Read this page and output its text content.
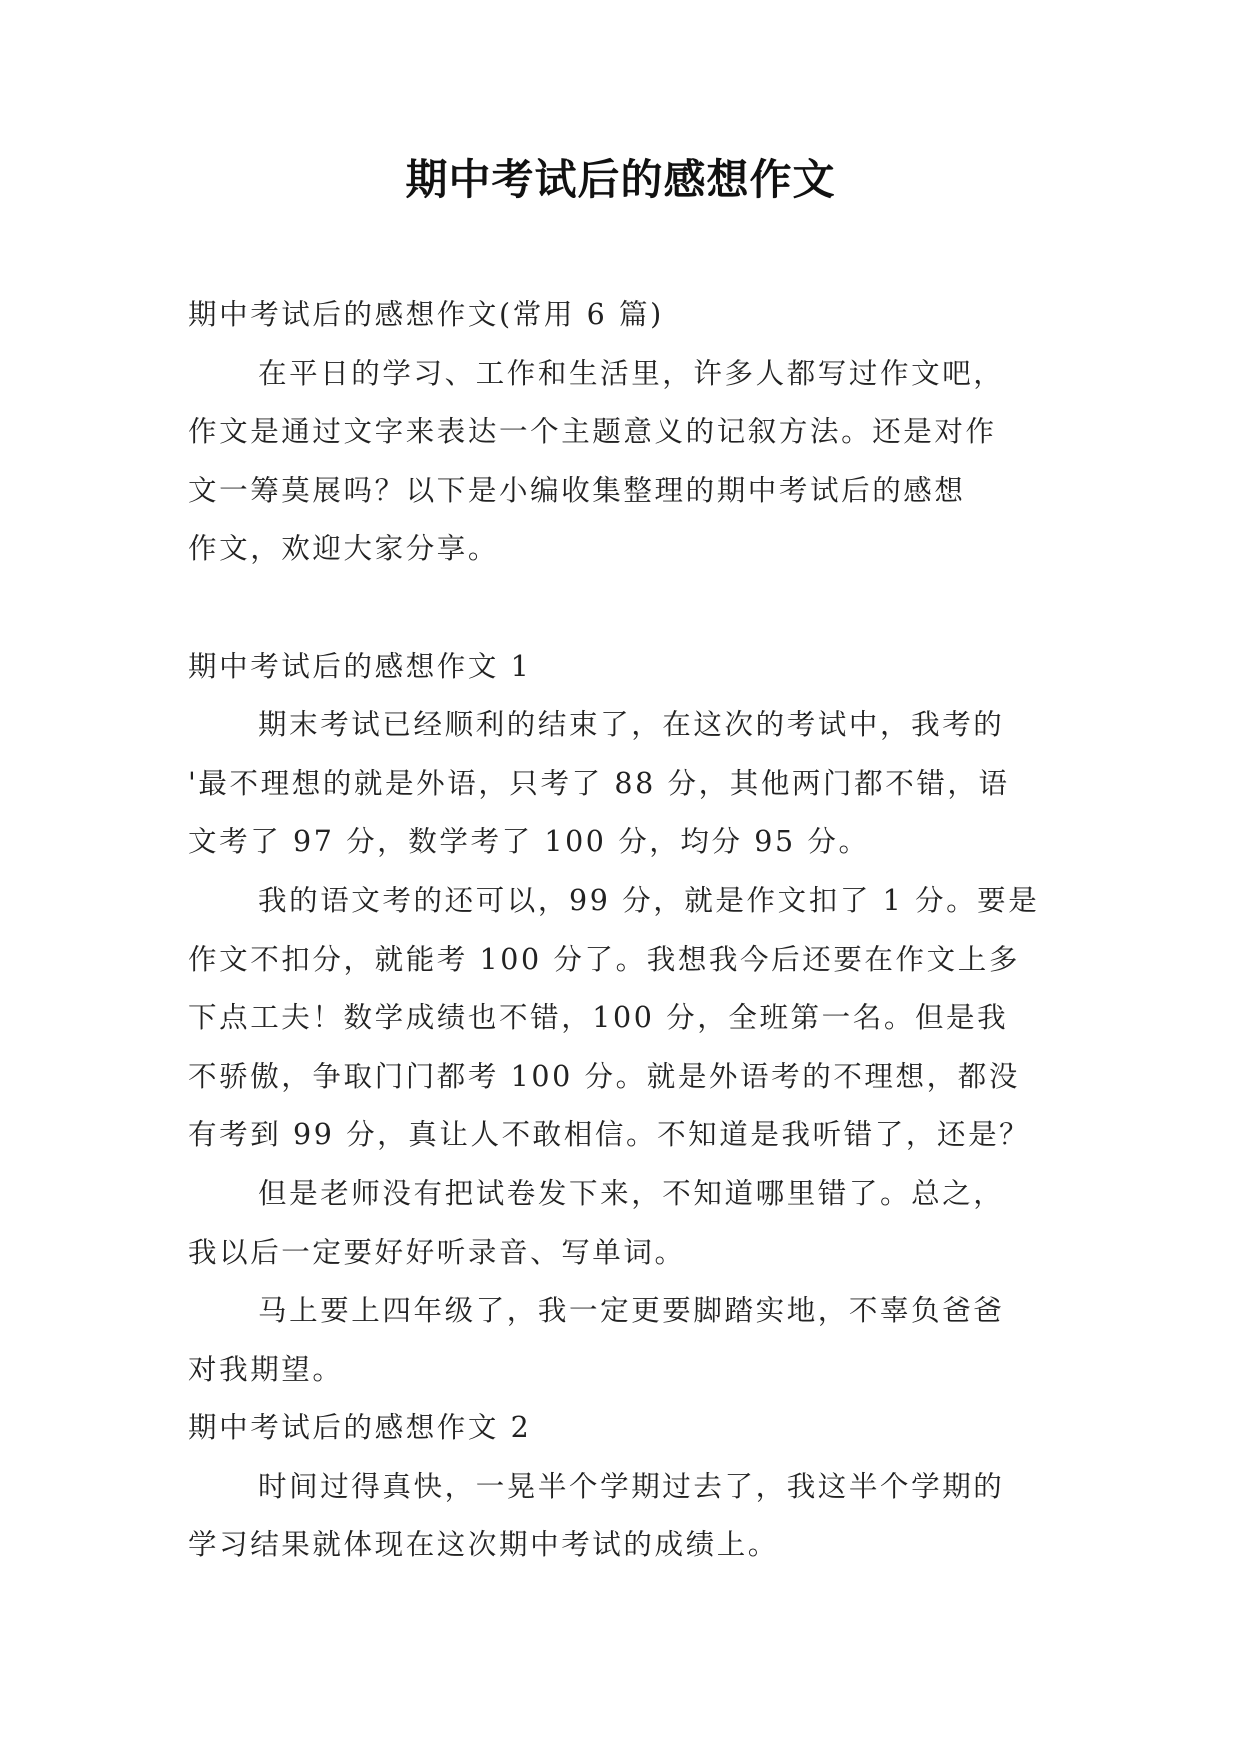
期中考试后的感想作文
期中考试后的感想作文(常用 6 篇)
在平日的学习、工作和生活里，许多人都写过作文吧，
作文是通过文字来表达一个主题意义的记叙方法。还是对作
文一筹莫展吗？以下是小编收集整理的期中考试后的感想
作文，欢迎大家分享。
期中考试后的感想作文 1
期末考试已经顺利的结束了，在这次的考试中，我考的
'最不理想的就是外语，只考了 88 分，其他两门都不错，语
文考了 97 分，数学考了 100 分，均分 95 分。
我的语文考的还可以，99 分，就是作文扣了 1 分。要是
作文不扣分，就能考 100 分了。我想我今后还要在作文上多
下点工夫！数学成绩也不错，100 分，全班第一名。但是我
不骄傲，争取门门都考 100 分。就是外语考的不理想，都没
有考到 99 分，真让人不敢相信。不知道是我听错了，还是？
但是老师没有把试卷发下来，不知道哪里错了。总之，
我以后一定要好好听录音、写单词。
马上要上四年级了，我一定更要脚踏实地，不辜负爸爸
对我期望。
期中考试后的感想作文 2
时间过得真快，一晃半个学期过去了，我这半个学期的
学习结果就体现在这次期中考试的成绩上。
